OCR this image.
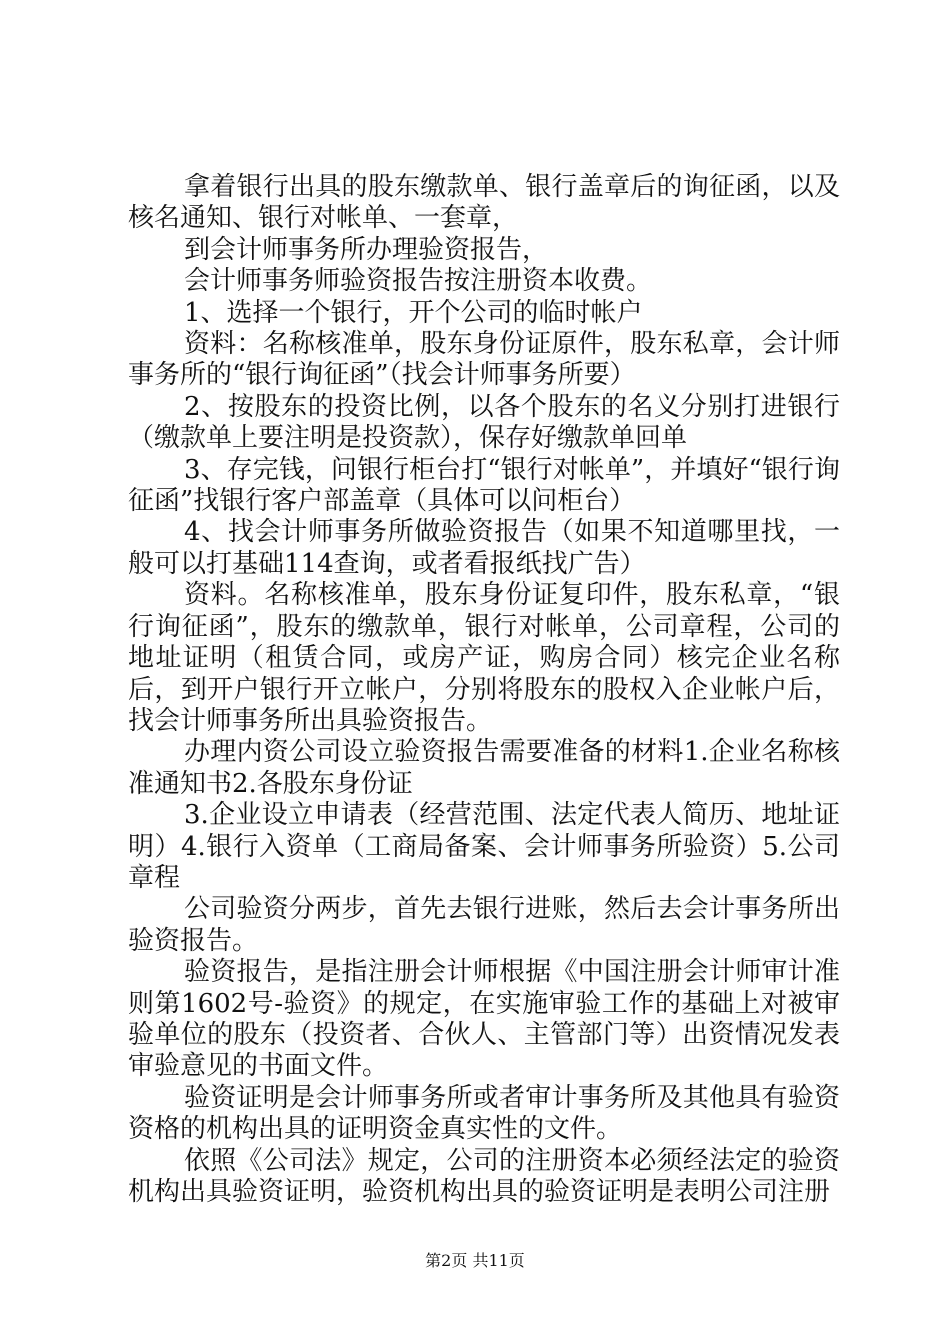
拿着银行出具的股东缴款单、银行盖章后的询征函，以及核名通知、银行对帐单、一套章，

到会计师事务所办理验资报告，

会计师事务师验资报告按注册资本收费。

1、选择一个银行，开个公司的临时帐户

资料：名称核准单，股东身份证原件，股东私章，会计师事务所的“银行询征函”（找会计师事务所要）

2、按股东的投资比例，以各个股东的名义分别打进银行（缴款单上要注明是投资款），保存好缴款单回单

3、存完钱，问银行柜台打“银行对帐单”，并填好“银行询征函”找银行客户部盖章（具体可以问柜台）

4、找会计师事务所做验资报告（如果不知道哪里找，一般可以打基础114查询，或者看报纸找广告）

资料。名称核准单，股东身份证复印件，股东私章，“银行询征函”，股东的缴款单，银行对帐单，公司章程，公司的地址证明（租赁合同，或房产证，购房合同）核完企业名称后，到开户银行开立帐户，分别将股东的股权入企业帐户后，找会计师事务所出具验资报告。

办理内资公司设立验资报告需要准备的材料1.企业名称核准通知书2.各股东身份证

3.企业设立申请表（经营范围、法定代表人简历、地址证明）4.银行入资单（工商局备案、会计师事务所验资）5.公司章程

公司验资分两步，首先去银行进账，然后去会计事务所出验资报告。

验资报告，是指注册会计师根据《中国注册会计师审计准则第1602号-验资》的规定，在实施审验工作的基础上对被审验单位的股东（投资者、合伙人、主管部门等）出资情况发表审验意见的书面文件。

验资证明是会计师事务所或者审计事务所及其他具有验资资格的机构出具的证明资金真实性的文件。

依照《公司法》规定，公司的注册资本必须经法定的验资机构出具验资证明，验资机构出具的验资证明是表明公司注册

第2页 共11页
